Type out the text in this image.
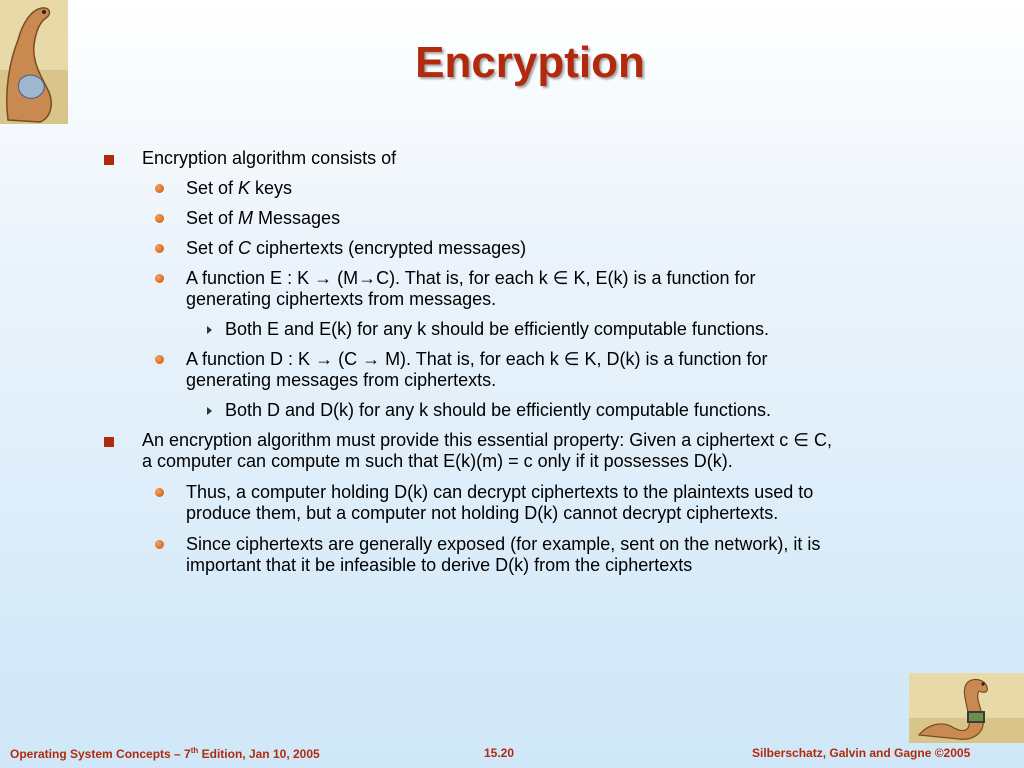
Encryption
Encryption algorithm consists of
Set of K keys
Set of M Messages
Set of C ciphertexts (encrypted messages)
A function E : K → (M→C). That is, for each k ∈ K, E(k) is a function for
generating ciphertexts from messages.
Both E and E(k) for any k should be efficiently computable functions.
A function D : K → (C → M). That is, for each k ∈ K, D(k) is a function for
generating messages from ciphertexts.
Both D and D(k) for any k should be efficiently computable functions.
An encryption algorithm must provide this essential property: Given a ciphertext c ∈ C,
a computer can compute m such that E(k)(m) = c only if it possesses D(k).
Thus, a computer holding D(k) can decrypt ciphertexts to the plaintexts used to
produce them, but a computer not holding D(k) cannot decrypt ciphertexts.
Since ciphertexts are generally exposed (for example, sent on the network), it is
important that it be infeasible to derive D(k) from the ciphertexts
Operating System Concepts – 7th Edition, Jan 10, 2005	15.20	Silberschatz, Galvin and Gagne ©2005
